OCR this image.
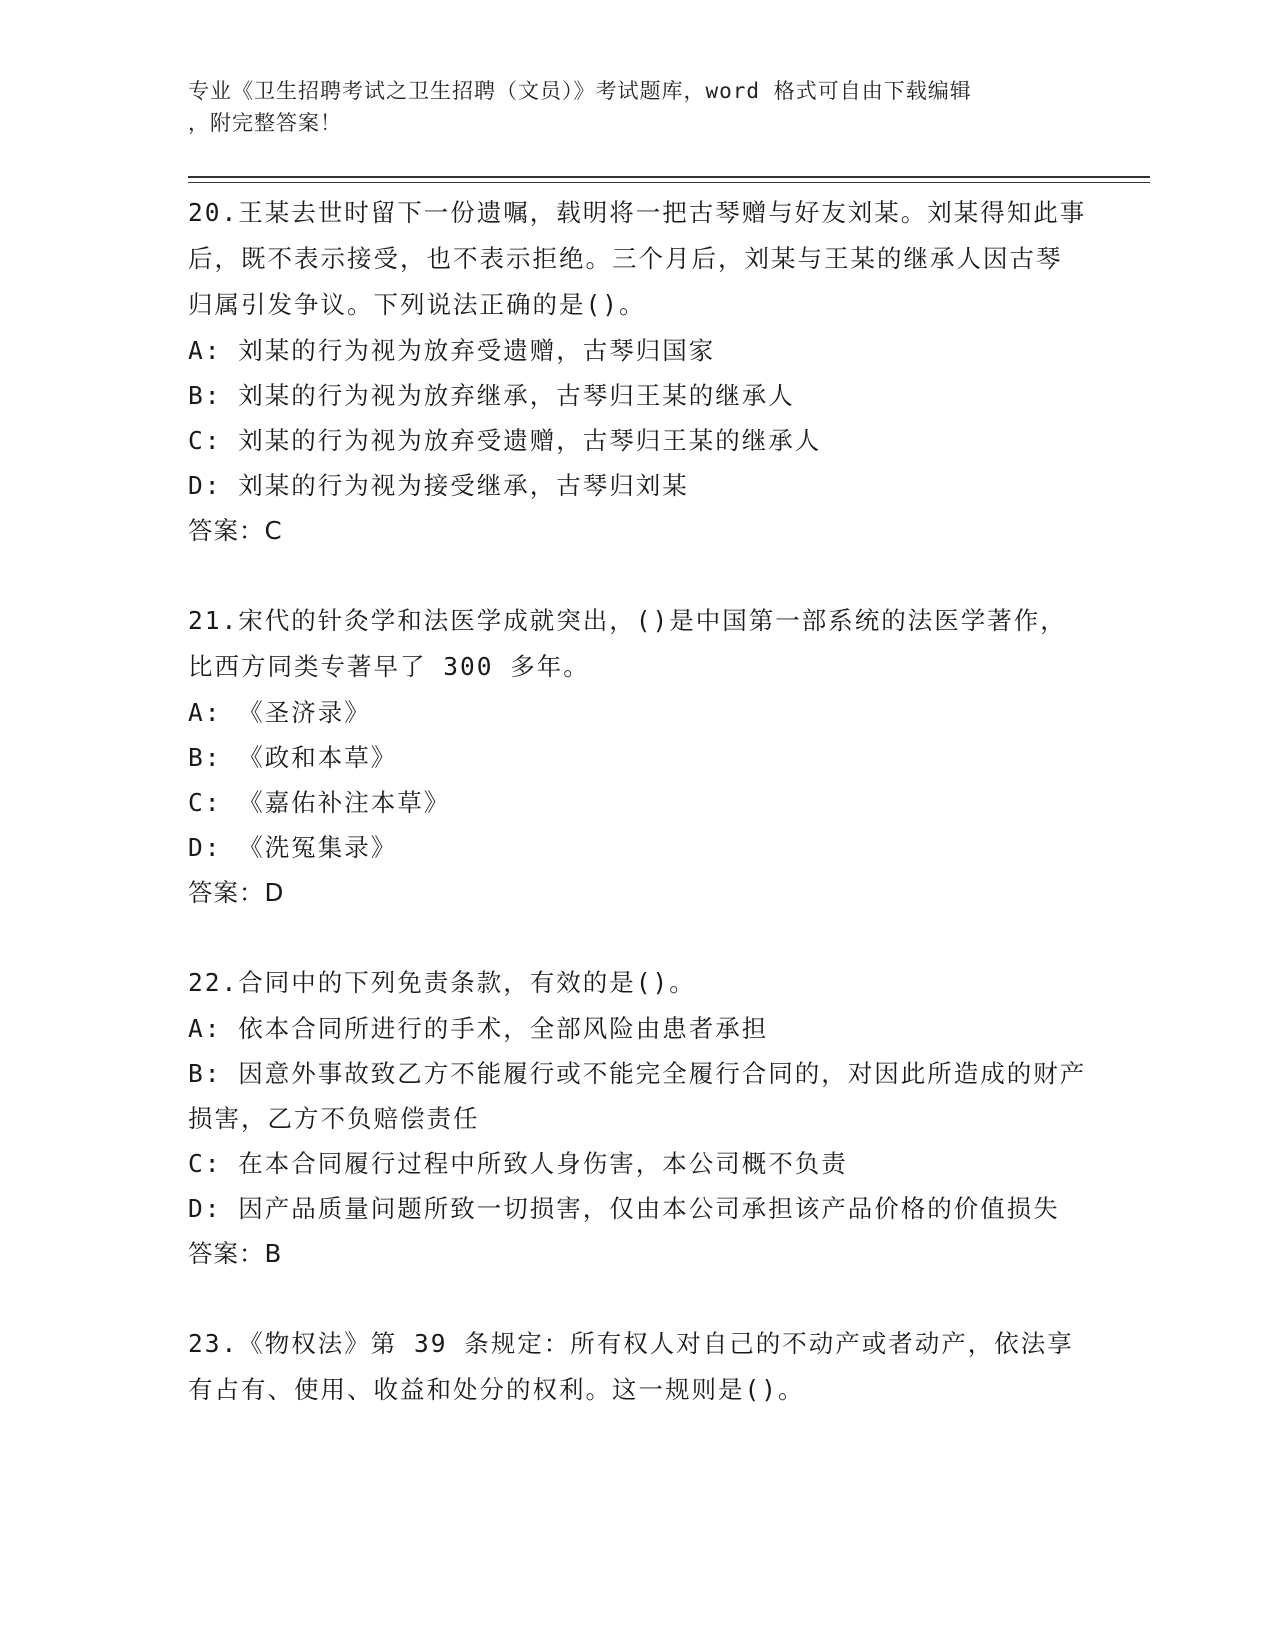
专业《卫生招聘考试之卫生招聘（文员）》考试题库，word 格式可自由下载编辑
，附完整答案！
20.王某去世时留下一份遗嘱，载明将一把古琴赠与好友刘某。刘某得知此事后，既不表示接受，也不表示拒绝。三个月后，刘某与王某的继承人因古琴归属引发争议。下列说法正确的是()。
A: 刘某的行为视为放弃受遗赠，古琴归国家
B: 刘某的行为视为放弃继承，古琴归王某的继承人
C: 刘某的行为视为放弃受遗赠，古琴归王某的继承人
D: 刘某的行为视为接受继承，古琴归刘某
答案：C
21.宋代的针灸学和法医学成就突出，()是中国第一部系统的法医学著作，比西方同类专著早了 300 多年。
A: 《圣济录》
B: 《政和本草》
C: 《嘉佑补注本草》
D: 《洗冤集录》
答案：D
22.合同中的下列免责条款，有效的是()。
A: 依本合同所进行的手术，全部风险由患者承担
B: 因意外事故致乙方不能履行或不能完全履行合同的，对因此所造成的财产损害，乙方不负赔偿责任
C: 在本合同履行过程中所致人身伤害，本公司概不负责
D: 因产品质量问题所致一切损害，仅由本公司承担该产品价格的价值损失
答案：B
23.《物权法》第 39 条规定：所有权人对自己的不动产或者动产，依法享有占有、使用、收益和处分的权利。这一规则是()。
